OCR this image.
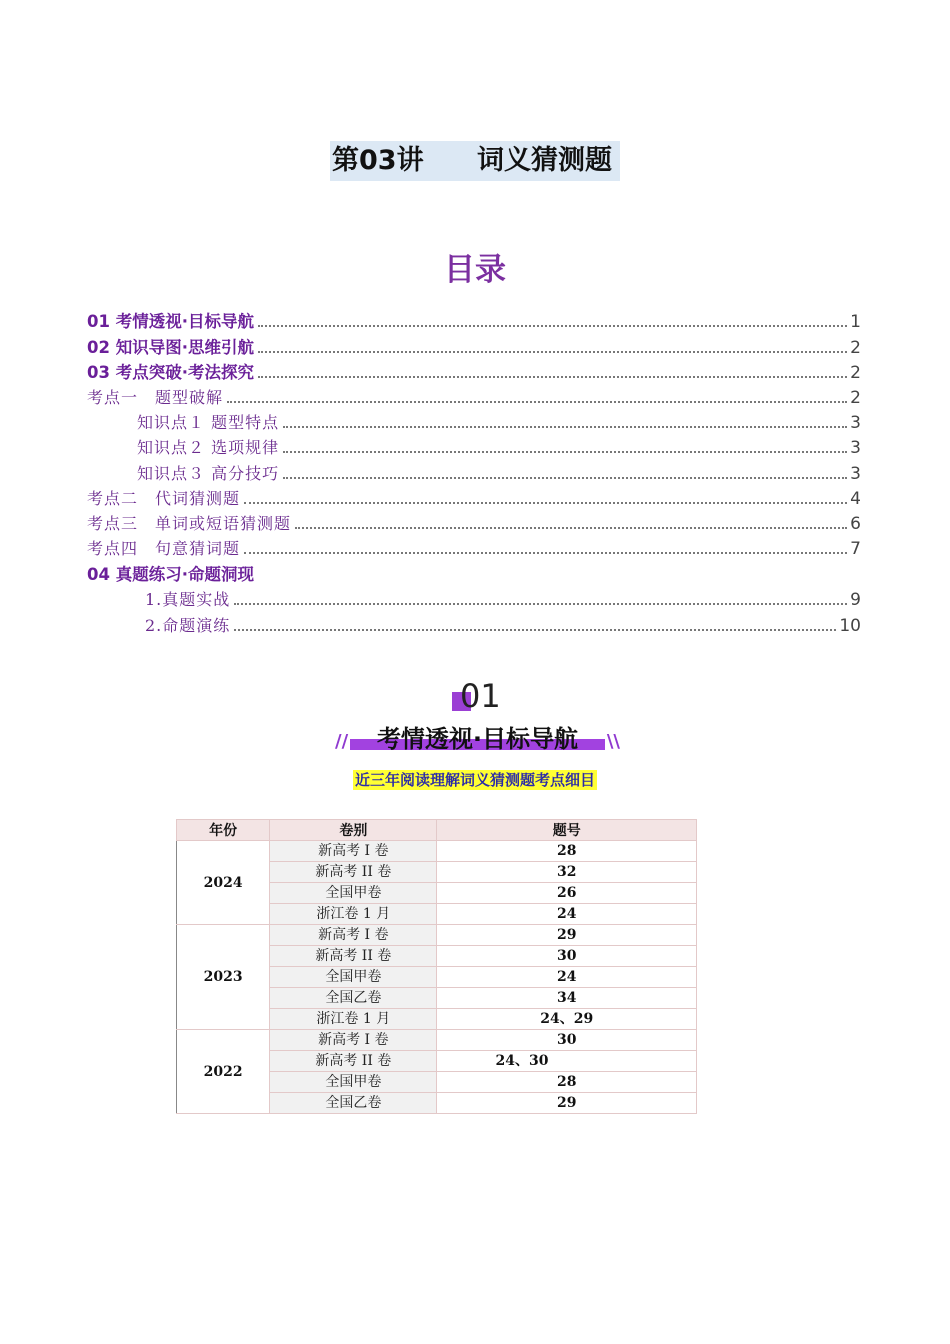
第03讲 词义猜测题
目录
01 考情透视·目标导航	1
02 知识导图·思维引航	2
03 考点突破·考法探究	2
考点一　题型破解	2
知识点１ 题型特点	3
知识点２ 选项规律	3
知识点３ 高分技巧	3
考点二　代词猜测题	4
考点三　单词或短语猜测题	6
考点四　句意猜词题	7
04 真题练习·命题洞现
1.真题实战	9
2.命题演练	10
01
//	\\
考情透视·目标导航
近三年阅读理解词义猜测题考点细目
年份	卷别	题号
2024	新高考 I 卷	28
	新高考 II 卷	32
	全国甲卷	26
	浙江卷 1 月	24
2023	新高考 I 卷	29
	新高考 II 卷	30
	全国甲卷	24
	全国乙卷	34
	浙江卷 1 月	24、29
2022	新高考 I 卷	30
	新高考 II 卷	24、30
	全国甲卷	28
	全国乙卷	29
